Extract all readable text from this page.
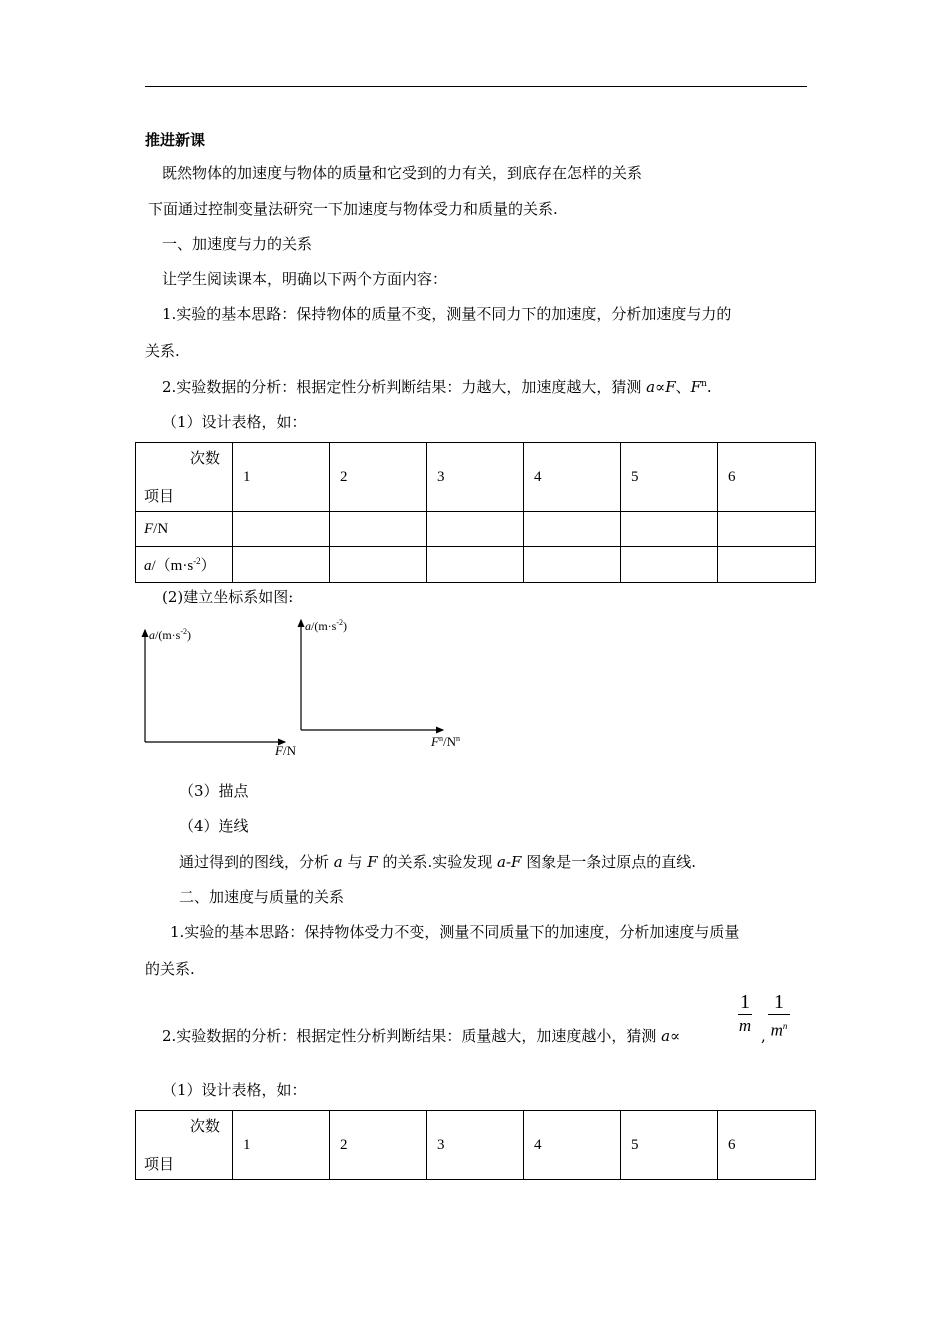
推进新课
既然物体的加速度与物体的质量和它受到的力有关，到底存在怎样的关系
下面通过控制变量法研究一下加速度与物体受力和质量的关系.
一、加速度与力的关系
让学生阅读课本，明确以下两个方面内容：
1.实验的基本思路：保持物体的质量不变，测量不同力下的加速度，分析加速度与力的
关系.
2.实验数据的分析：根据定性分析判断结果：力越大，加速度越大，猜测 a∝F、$F^n$.
（1）设计表格，如：
次数
项目	1	2	3	4	5	6
F/N						
$a/(m\cdot s^{-2})$						
(2)建立坐标系如图:
$a/(m\cdot s^{-2})$
F/N
$a/(m\cdot s^{-2})$
$F^n/N^n$
（3）描点
（4）连线
通过得到的图线，分析 a 与 F 的关系.实验发现 a-F 图象是一条过原点的直线.
二、加速度与质量的关系
1.实验的基本思路：保持物体受力不变，测量不同质量下的加速度，分析加速度与质量
的关系.
2.实验数据的分析：根据定性分析判断结果：质量越大，加速度越小，猜测 a∝	$\frac{1}{m}$ , $\frac{1}{m^n}$
（1）设计表格，如：
次数
项目
	1	2	3	4	5	6
